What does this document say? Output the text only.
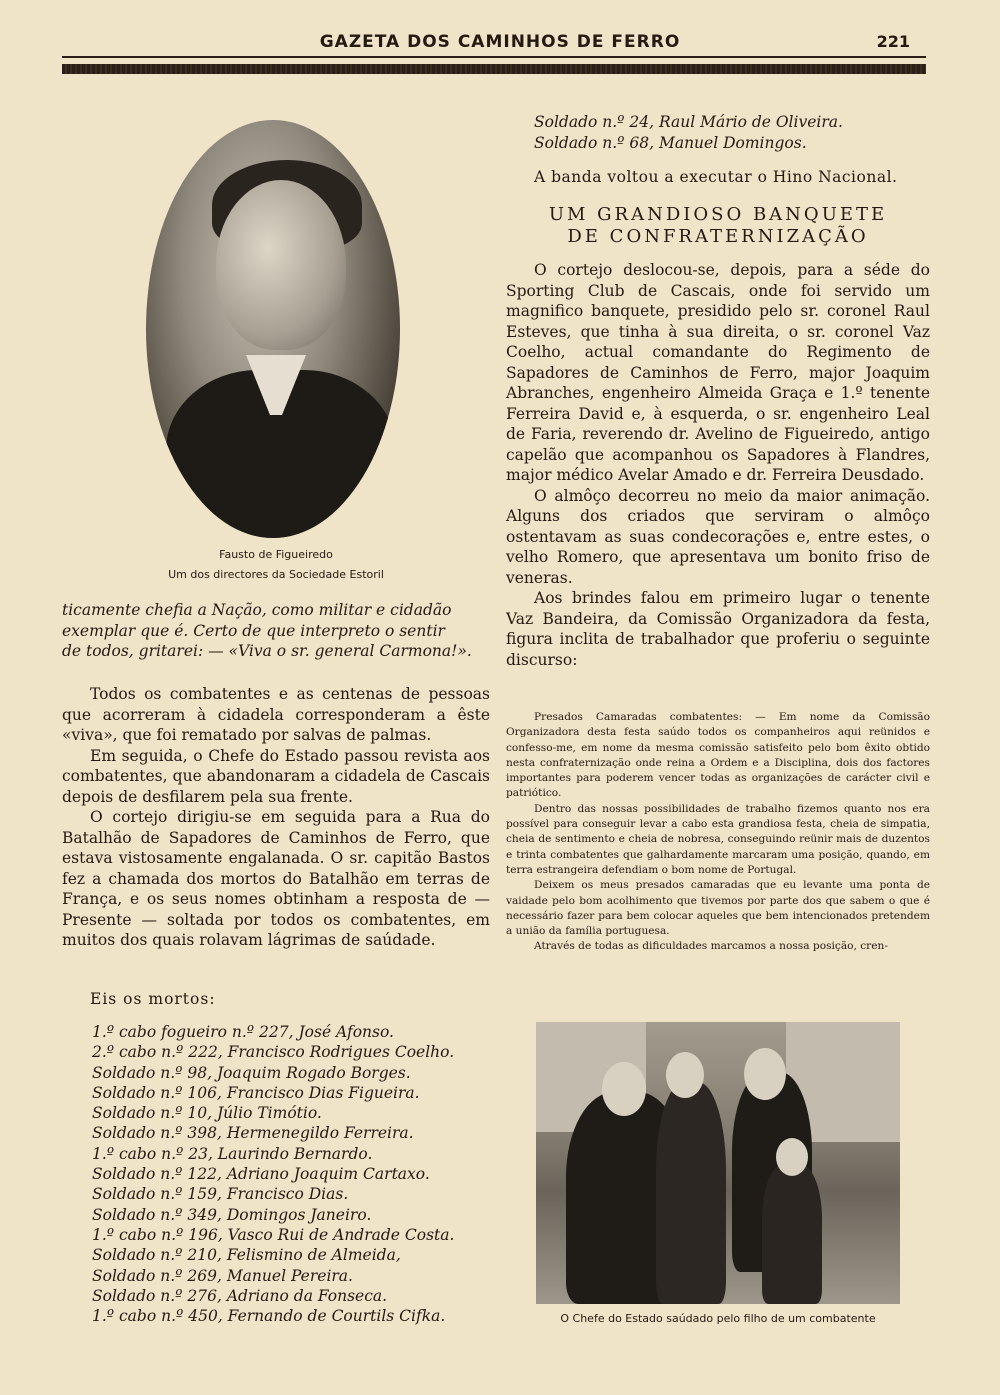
GAZETA DOS CAMINHOS DE FERRO	221
Fausto de Figueiredo
Um dos directores da Sociedade Estoril
ticamente chefia a Nação, como militar e cidadão
exemplar que é. Certo de que interpreto o sentir
de todos, gritarei: — «Viva o sr. general Carmona!».

Todos os combatentes e as centenas de pessoas que acorreram à cidadela corresponderam a êste «viva», que foi rematado por salvas de palmas.

Em seguida, o Chefe do Estado passou revista aos combatentes, que abandonaram a cidadela de Cascais depois de desfilarem pela sua frente.

O cortejo dirigiu-se em seguida para a Rua do Batalhão de Sapadores de Caminhos de Ferro, que estava vistosamente engalanada. O sr. capitão Bastos fez a chamada dos mortos do Batalhão em terras de França, e os seus nomes obtinham a resposta de — Presente — soltada por todos os combatentes, em muitos dos quais rolavam lágrimas de saúdade.

Eis os mortos:
1.º cabo fogueiro n.º 227, José Afonso.
2.º cabo n.º 222, Francisco Rodrigues Coelho.
Soldado n.º 98, Joaquim Rogado Borges.
Soldado n.º 106, Francisco Dias Figueira.
Soldado n.º 10, Júlio Timótio.
Soldado n.º 398, Hermenegildo Ferreira.
1.º cabo n.º 23, Laurindo Bernardo.
Soldado n.º 122, Adriano Joaquim Cartaxo.
Soldado n.º 159, Francisco Dias.
Soldado n.º 349, Domingos Janeiro.
1.º cabo n.º 196, Vasco Rui de Andrade Costa.
Soldado n.º 210, Felismino de Almeida,
Soldado n.º 269, Manuel Pereira.
Soldado n.º 276, Adriano da Fonseca.
1.º cabo n.º 450, Fernando de Courtils Cifka.

Soldado n.º 24, Raul Mário de Oliveira.

Soldado n.º 68, Manuel Domingos.

A banda voltou a executar o Hino Nacional.

UM GRANDIOSO BANQUETE
DE CONFRATERNIZAÇÃO

O cortejo deslocou-se, depois, para a séde do Sporting Club de Cascais, onde foi servido um magnifico banquete, presidido pelo sr. coronel Raul Esteves, que tinha à sua direita, o sr. coronel Vaz Coelho, actual comandante do Regimento de Sapadores de Caminhos de Ferro, major Joaquim Abranches, engenheiro Almeida Graça e 1.º tenente Ferreira David e, à esquerda, o sr. engenheiro Leal de Faria, reverendo dr. Avelino de Figueiredo, antigo capelão que acompanhou os Sapadores à Flandres, major médico Avelar Amado e dr. Ferreira Deusdado.

O almôço decorreu no meio da maior animação. Alguns dos criados que serviram o almôço ostentavam as suas condecorações e, entre estes, o velho Romero, que apresentava um bonito friso de veneras.

Aos brindes falou em primeiro lugar o tenente Vaz Bandeira, da Comissão Organizadora da festa, figura inclita de trabalhador que proferiu o seguinte discurso:

Presados Camaradas combatentes: — Em nome da Comissão Organizadora desta festa saúdo todos os companheiros aqui reünidos e confesso-me, em nome da mesma comissão satisfeito pelo bom êxito obtido nesta confraternização onde reina a Ordem e a Disciplina, dois dos factores importantes para poderem vencer todas as organizações de carácter civil e patriótico.

Dentro das nossas possibilidades de trabalho fizemos quanto nos era possível para conseguir levar a cabo esta grandiosa festa, cheia de simpatia, cheia de sentimento e cheia de nobresa, conseguindo reünir mais de duzentos e trinta combatentes que galhardamente marcaram uma posição, quando, em terra estrangeira defendiam o bom nome de Portugal.

Deixem os meus presados camaradas que eu levante uma ponta de vaidade pelo bom acolhimento que tivemos por parte dos que sabem o que é necessário fazer para bem colocar aqueles que bem intencionados pretendem a união da família portuguesa.

Através de todas as dificuldades marcamos a nossa posição, cren-

O Chefe do Estado saúdado pelo filho de um combatente
